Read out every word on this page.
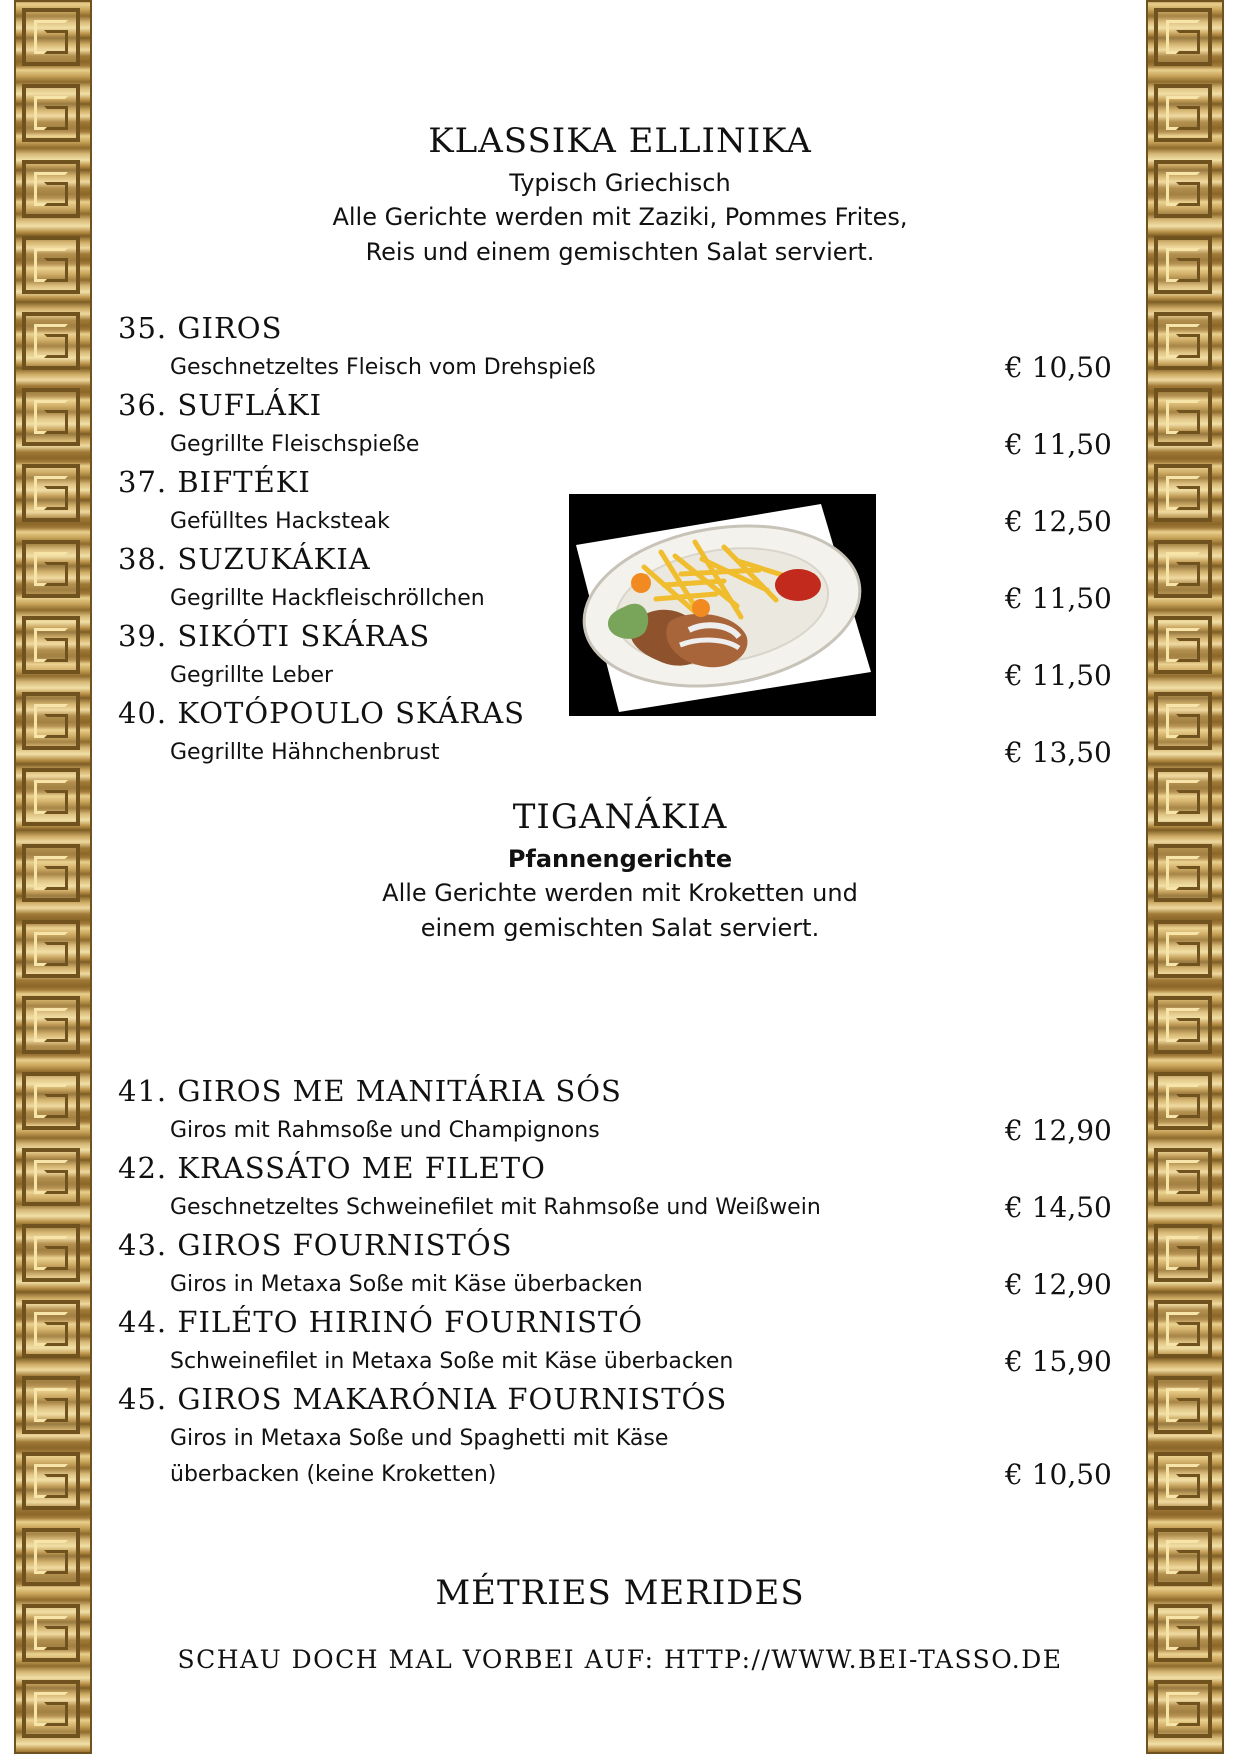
KLASSIKA ELLINIKA
Typisch Griechisch
Alle Gerichte werden mit Zaziki, Pommes Frites,
Reis und einem gemischten Salat serviert.
35. GIROS
Geschnetzeltes Fleisch vom Drehspieß	€ 10,50
36. SUFLÁKI
Gegrillte Fleischspieße	€ 11,50
37. BIFTÉKI
Gefülltes Hacksteak	€ 12,50
38. SUZUKÁKIA
Gegrillte Hackfleischröllchen	€ 11,50
39. SIKÓTI SKÁRAS
Gegrillte Leber	€ 11,50
40. KOTÓPOULO SKÁRAS
Gegrillte Hähnchenbrust	€ 13,50
TIGANÁKIA
Pfannengerichte
Alle Gerichte werden mit Kroketten und
einem gemischten Salat serviert.
41. GIROS ME MANITÁRIA SÓS
Giros mit Rahmsoße und Champignons	€ 12,90
42. KRASSÁTO ME FILETO
Geschnetzeltes Schweinefilet mit Rahmsoße und Weißwein	€ 14,50
43. GIROS FOURNISTÓS
Giros in Metaxa Soße mit Käse überbacken	€ 12,90
44. FILÉTO HIRINÓ FOURNISTÓ
Schweinefilet in Metaxa Soße mit Käse überbacken	€ 15,90
45. GIROS MAKARÓNIA FOURNISTÓS
Giros in Metaxa Soße und Spaghetti mit Käse
überbacken (keine Kroketten)	€ 10,50
MÉTRIES MERIDES
SCHAU DOCH MAL VORBEI AUF: HTTP://WWW.BEI-TASSO.DE
